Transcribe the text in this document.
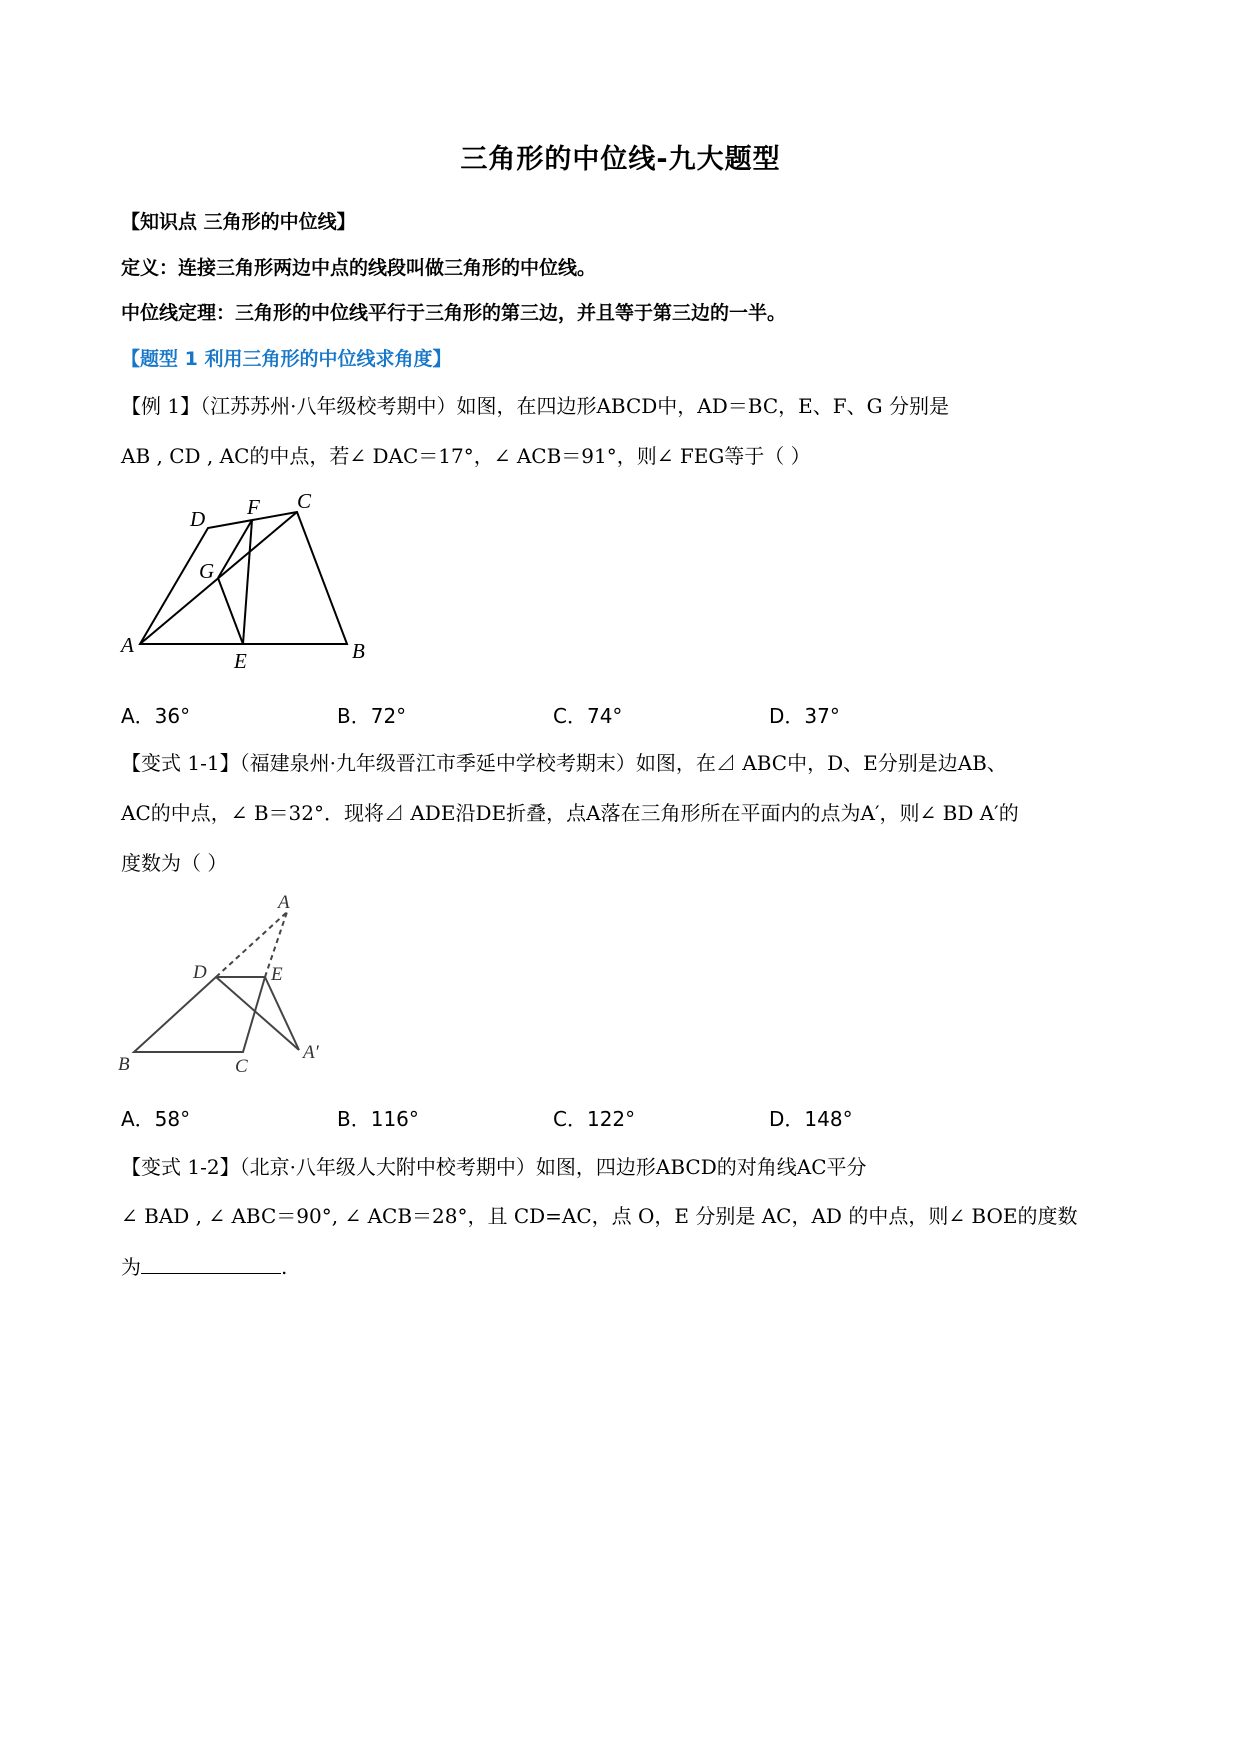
三角形的中位线-九大题型
【知识点 三角形的中位线】
定义：连接三角形两边中点的线段叫做三角形的中位线。
中位线定理：三角形的中位线平行于三角形的第三边，并且等于第三边的一半。
【题型 1 利用三角形的中位线求角度】
【例 1】（江苏苏州·八年级校考期中）如图，在四边形ABCD中，AD＝BC，E、F、G 分别是
AB , CD , AC的中点，若∠ DAC＝17°，∠ ACB＝91°，则∠ FEG等于（ ）
D F C
G
A
E	B
A．36°	B．72°	C．74°	D．37°
【变式 1-1】（福建泉州·九年级晋江市季延中学校考期末）如图，在⊿ ABC中，D、E分别是边AB、
AC的中点，∠ B＝32°．现将⊿ ADE沿DE折叠，点A落在三角形所在平面内的点为A′，则∠ BD A′的
度数为（ ）
A
D	E
B	C
A′
A．58°	B．116°	C．122°	D．148°
【变式 1-2】（北京·八年级人大附中校考期中）如图，四边形ABCD的对角线AC平分
∠ BAD , ∠ ABC＝90°, ∠ ACB＝28°，且 CD=AC，点 O，E 分别是 AC，AD 的中点，则∠ BOE的度数
为	.
